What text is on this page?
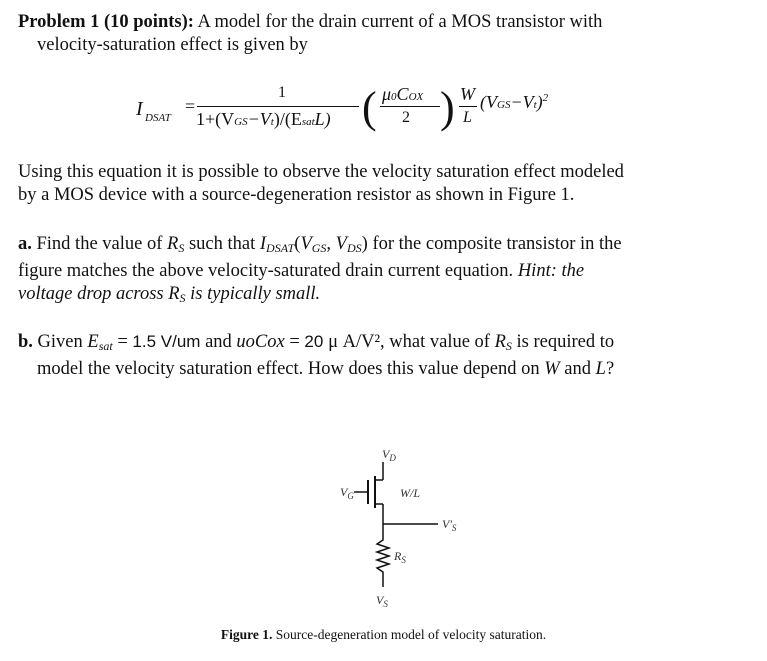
Problem 1 (10 points): A model for the drain current of a MOS transistor with
velocity-saturation effect is given by
I DSAT
=
1
1+(VGS−Vt)/(EsatL) ( μ0COX
2 ) W
L
$(VGS-Vt)^2$
Using this equation it is possible to observe the velocity saturation effect modeled
by a MOS device with a source-degeneration resistor as shown in Figure 1.
a. Find the value of $R_S$ such that $I_{DSAT}(V_{GS}$, $V_{DS}$) for the composite transistor in the
figure matches the above velocity-saturated drain current equation. Hint: the
voltage drop across $R_S$ is typically small.
b. Given $E_{sat} = 1.5$ V/um and uoCox = 20 μ A/V², what value of $R_S$ is required to
model the velocity saturation effect. How does this value depend on W and L?
$V_D$
$V_G$	W/L
$V'_S$
$R_S$
$V_S$
Figure 1. Source-degeneration model of velocity saturation.
